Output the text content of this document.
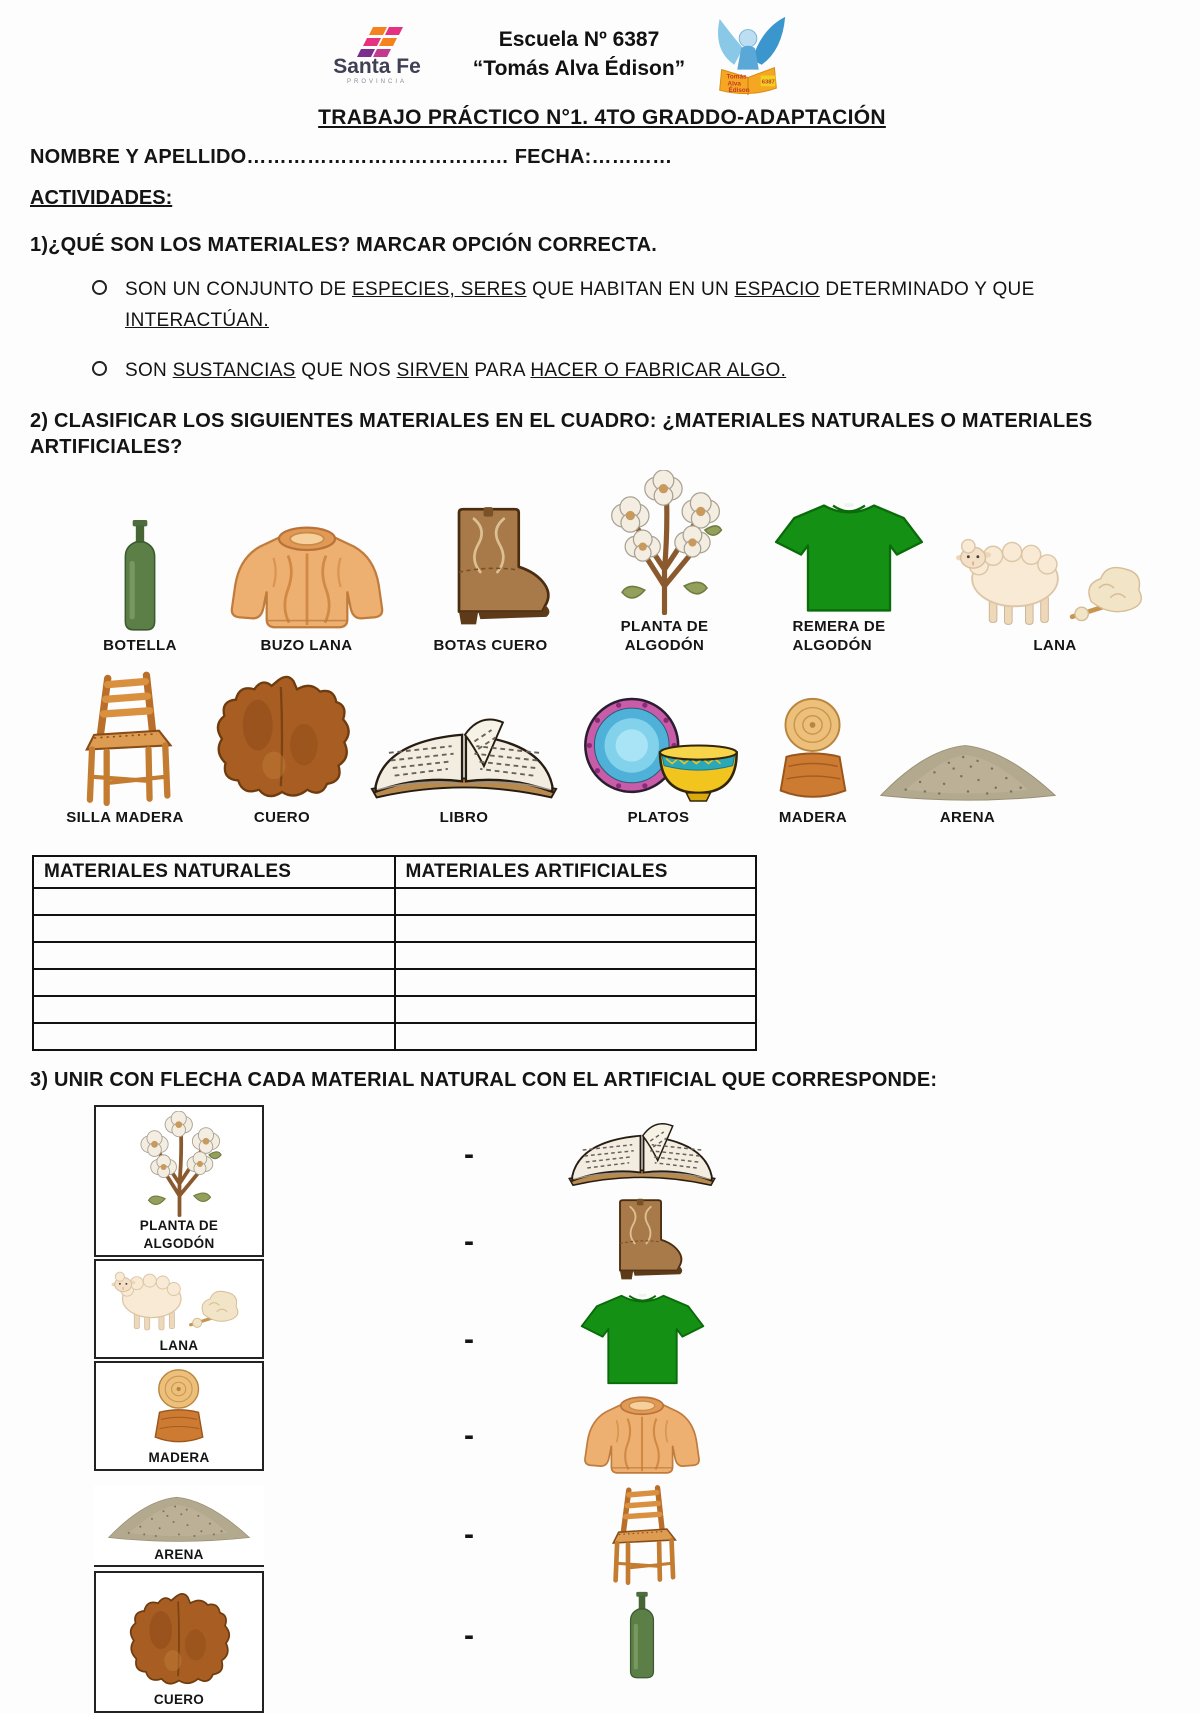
Santa Fe
PROVINCIA
Escuela Nº 6387
“Tomás Alva Édison”	Tomás
Alva
Édison
6387
TRABAJO PRÁCTICO N°1. 4TO GRADDO-ADAPTACIÓN
NOMBRE Y APELLIDO………………………………… FECHA:…………
ACTIVIDADES:
1)¿QUÉ SON LOS MATERIALES? MARCAR OPCIÓN CORRECTA.
SON UN CONJUNTO DE ESPECIES, SERES QUE HABITAN EN UN ESPACIO DETERMINADO Y QUE INTERACTÚAN.
SON SUSTANCIAS QUE NOS SIRVEN PARA HACER O FABRICAR ALGO.
2) CLASIFICAR LOS SIGUIENTES MATERIALES EN EL CUADRO: ¿MATERIALES NATURALES O MATERIALES ARTIFICIALES?
BOTELLA	BUZO LANA	BOTAS CUERO
PLANTA DE ALGODÓN
REMERA DE ALGODÓN	LANA
SILLA MADERA	CUERO	LIBRO	PLATOS	MADERA	ARENA
MATERIALES NATURALES	MATERIALES ARTIFICIALES

3) UNIR CON FLECHA CADA MATERIAL NATURAL CON EL ARTIFICIAL QUE CORRESPONDE:
PLANTA DE ALGODÓN
LANA
MADERA
ARENA
CUERO
-
-
-
-
-
-
